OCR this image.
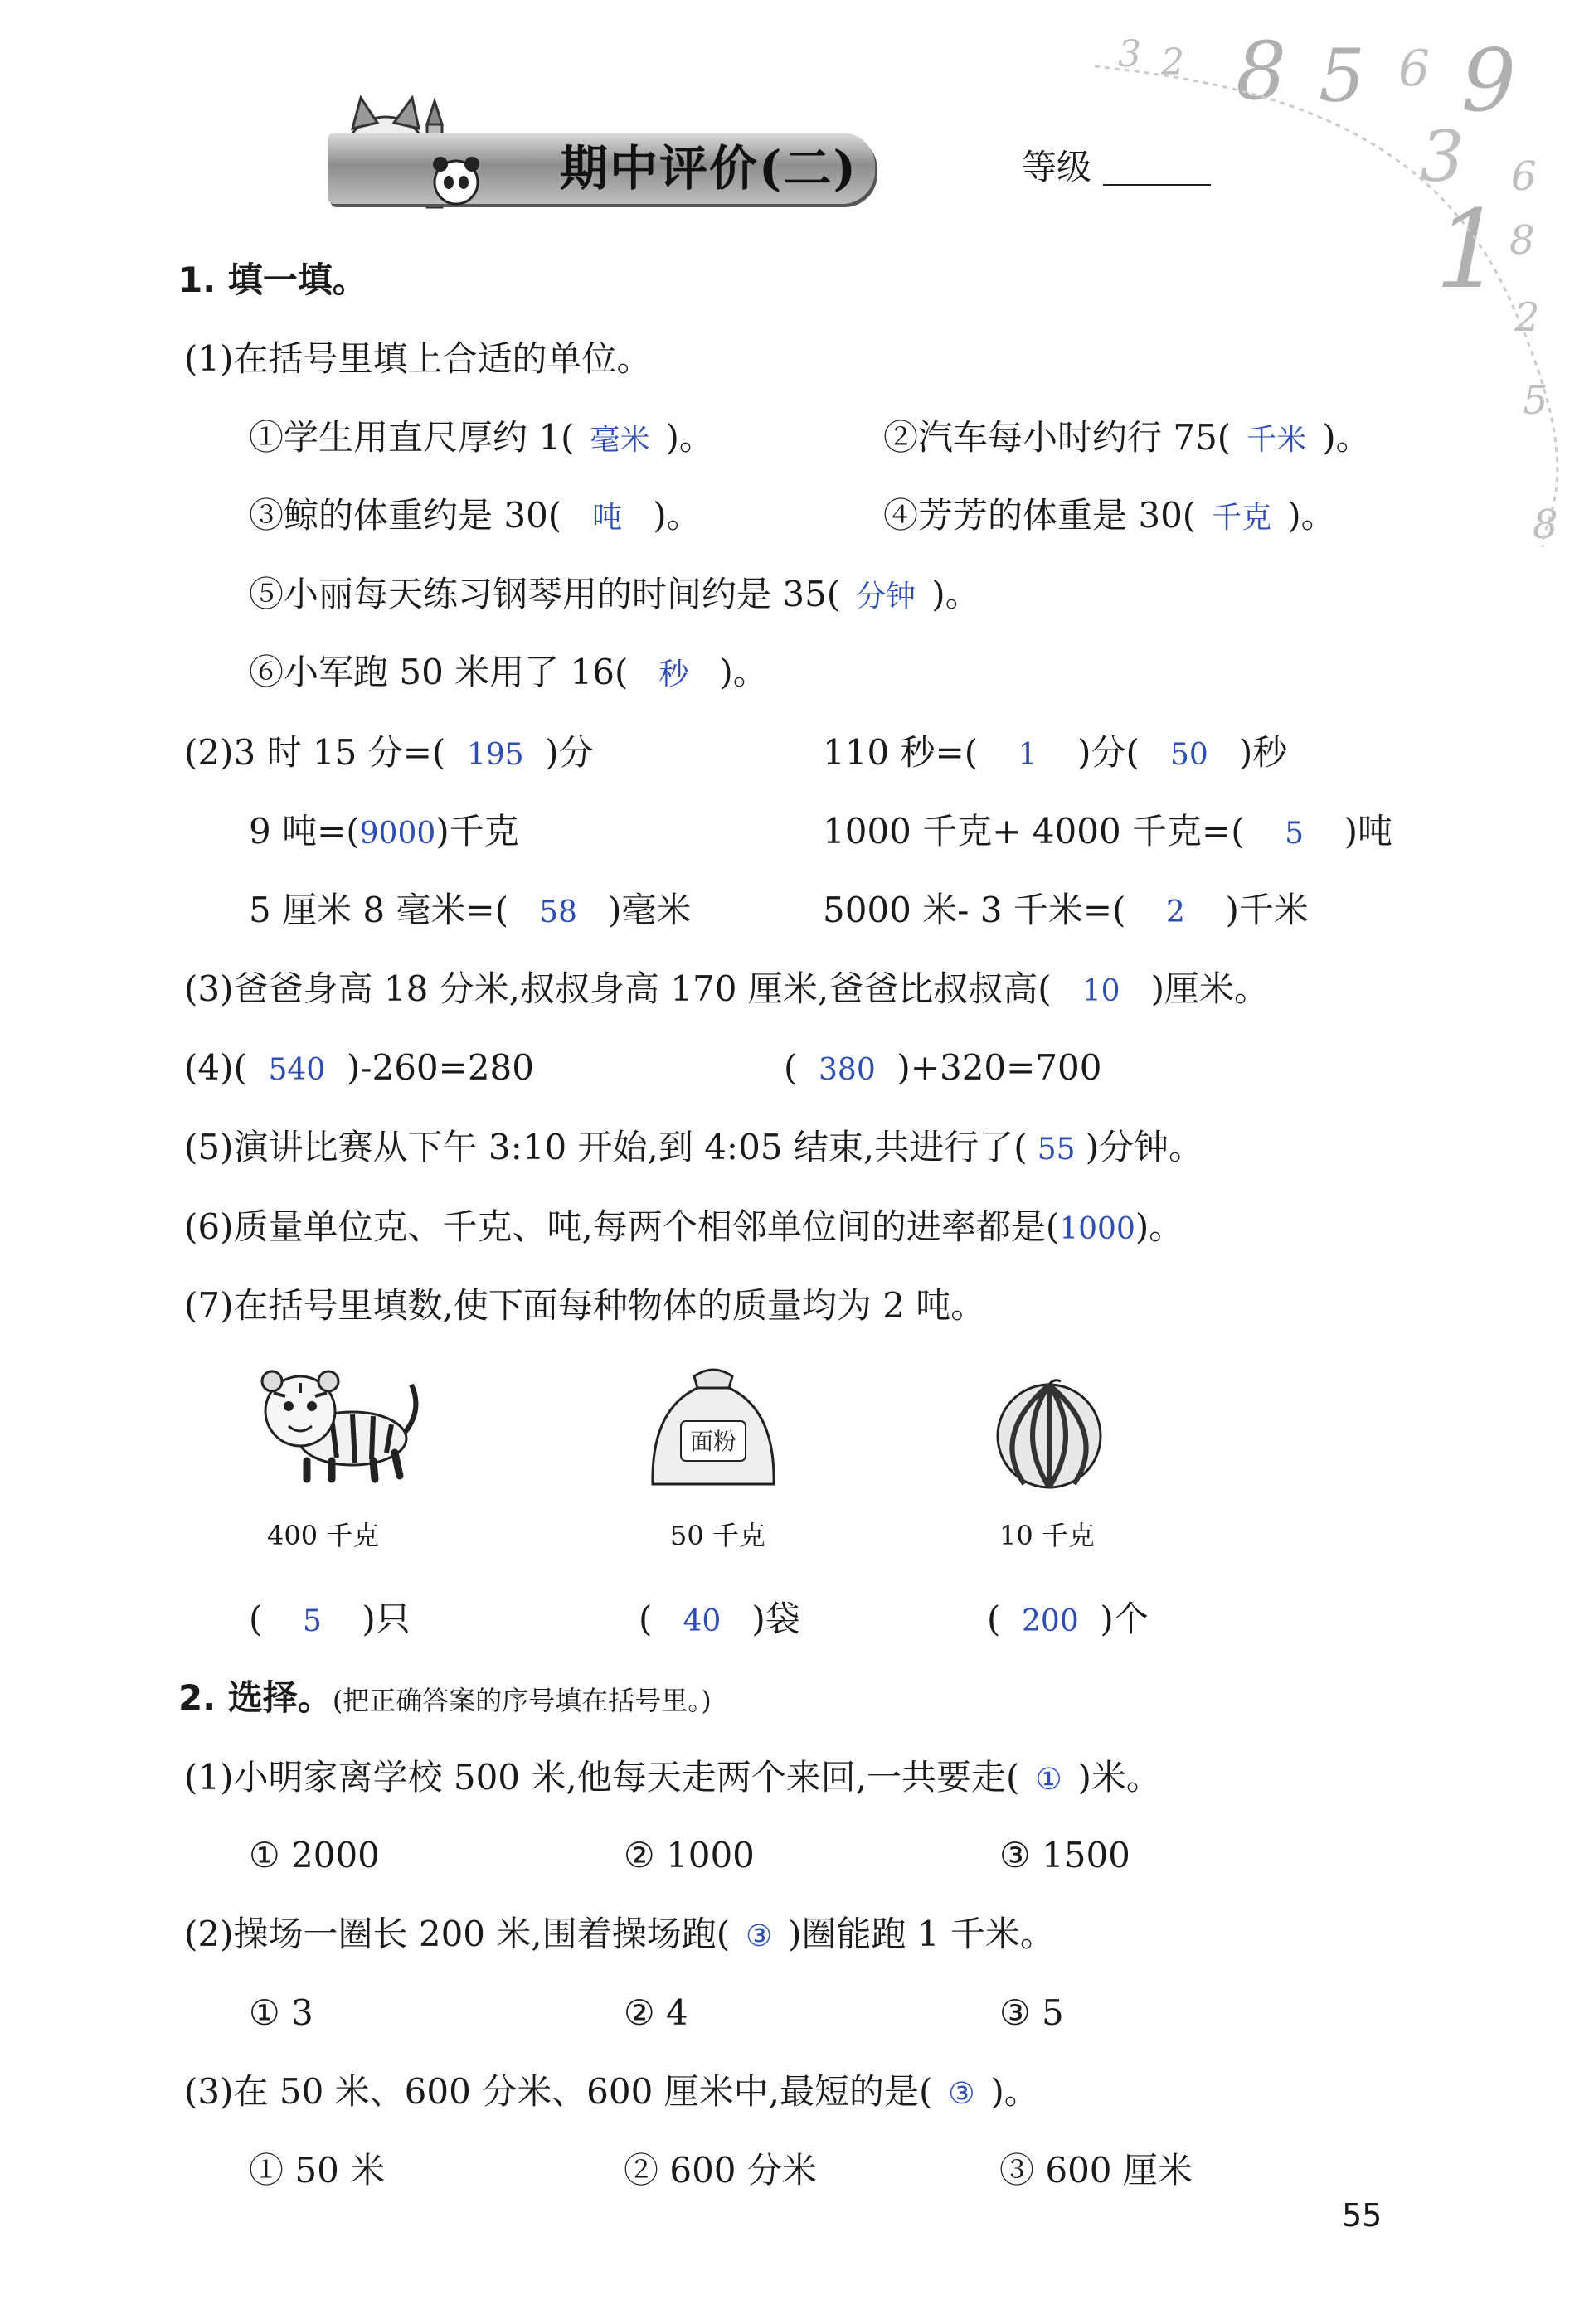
3 2 8 5 6 9
3 6
1 8
2
5
8
期中评价(二)	等级
1. 填一填。
(1)在括号里填上合适的单位。
①学生用直尺厚约 1( 毫米 )。	②汽车每小时约行 75( 千米 )。
③鲸的体重约是 30( 吨 )。	④芳芳的体重是 30( 千克 )。
⑤小丽每天练习钢琴用的时间约是 35( 分钟 )。
⑥小军跑 50 米用了 16( 秒 )。
(2)3 时 15 分=( 195 )分	110 秒=( 1 )分( 50 )秒
9 吨=(9000)千克	1000 千克+ 4000 千克=( 5 )吨
5 厘米 8 毫米=( 58 )毫米	5000 米- 3 千米=( 2 )千米
(3)爸爸身高 18 分米,叔叔身高 170 厘米,爸爸比叔叔高( 10 )厘米。
(4)( 540 )-260=280	( 380 )+320=700
(5)演讲比赛从下午 3:10 开始,到 4:05 结束,共进行了( 55 )分钟。
(6)质量单位克、千克、吨,每两个相邻单位间的进率都是(1000)。
(7)在括号里填数,使下面每种物体的质量均为 2 吨。
面粉
400 千克	50 千克	10 千克
( 5 )只	( 40 )袋	( 200 )个
2. 选择。(把正确答案的序号填在括号里。)
(1)小明家离学校 500 米,他每天走两个来回,一共要走( ① )米。
① 2000	② 1000	③ 1500
(2)操场一圈长 200 米,围着操场跑( ③ )圈能跑 1 千米。
① 3	② 4	③ 5
(3)在 50 米、600 分米、600 厘米中,最短的是( ③ )。
① 50 米	② 600 分米	③ 600 厘米
55
